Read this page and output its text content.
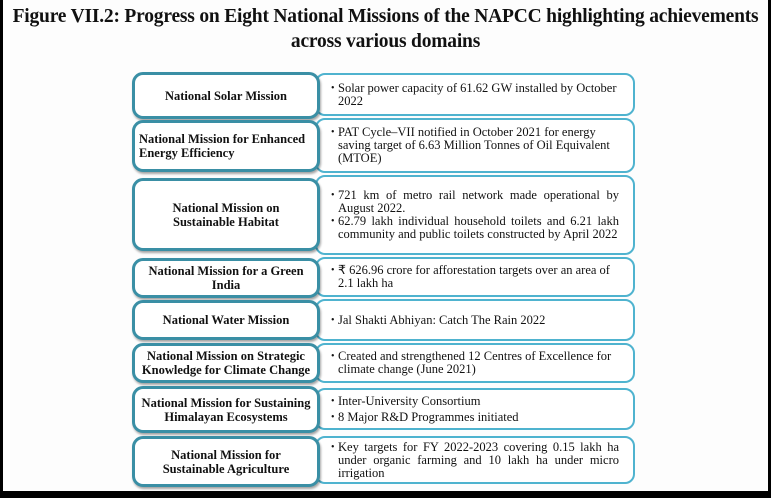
Figure VII.2: Progress on Eight National Missions of the NAPCC highlighting achievements
across various domains
National Solar Mission
• Solar power capacity of 61.62 GW installed by October 2022
National Mission for Enhanced Energy Efficiency
• PAT Cycle–VII notified in October 2021 for energy saving target of 6.63 Million Tonnes of Oil Equivalent (MTOE)
National Mission on Sustainable Habitat
• 721 km of metro rail network made operational by August 2022.
• 62.79 lakh individual household toilets and 6.21 lakh community and public toilets constructed by April 2022
National Mission for a Green India
• ₹ 626.96 crore for afforestation targets over an area of 2.1 lakh ha
National Water Mission	• Jal Shakti Abhiyan: Catch The Rain 2022
National Mission on Strategic Knowledge for Climate Change
• Created and strengthened 12 Centres of Excellence for climate change (June 2021)
National Mission for Sustaining Himalayan Ecosystems
• Inter-University Consortium
• 8 Major R&D Programmes initiated
National Mission for Sustainable Agriculture
• Key targets for FY 2022-2023 covering 0.15 lakh ha under organic farming and 10 lakh ha under micro irrigation
